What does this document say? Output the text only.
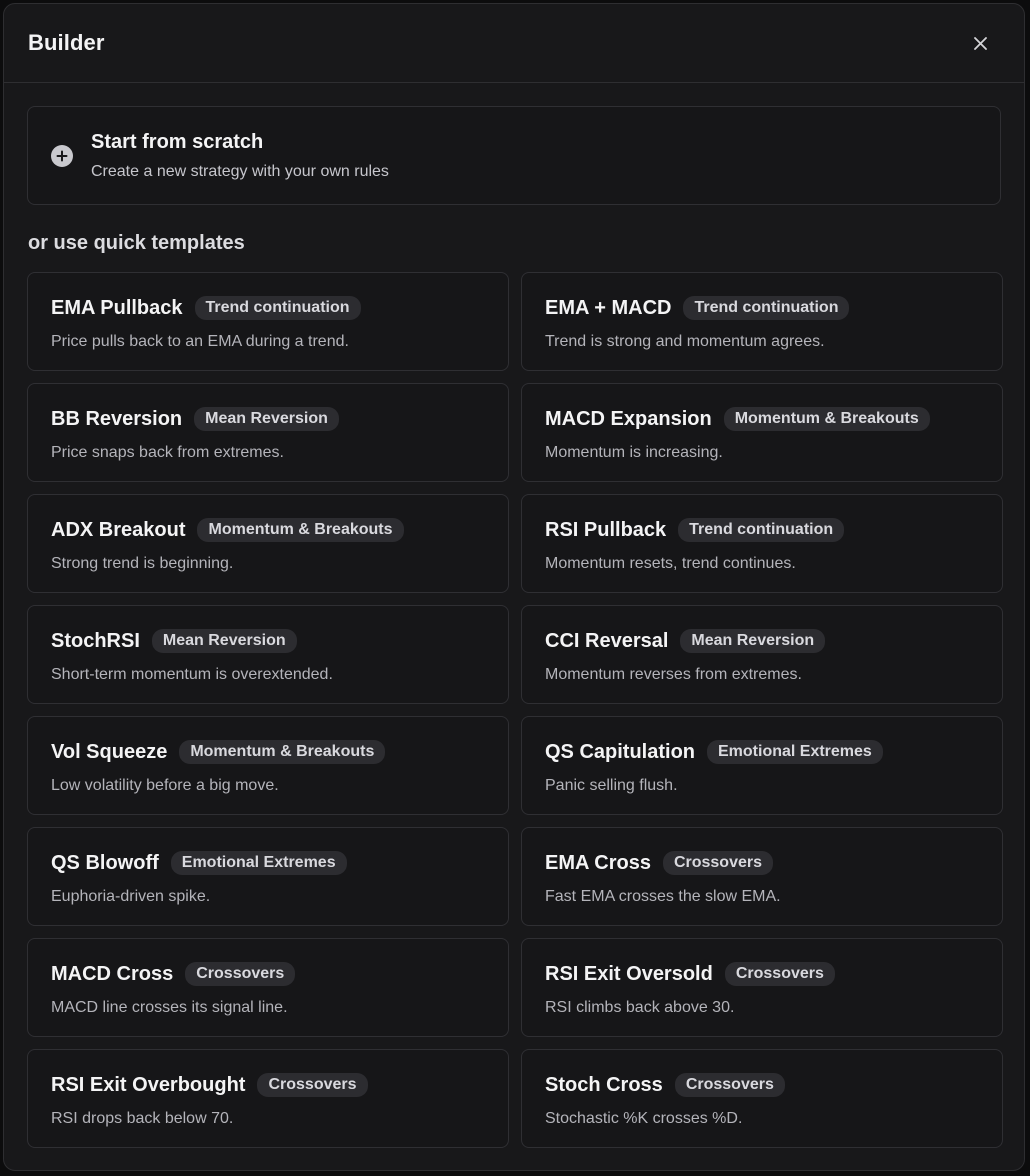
Builder
Start from scratch
Create a new strategy with your own rules
or use quick templates
EMA Pullback	Trend continuation
Price pulls back to an EMA during a trend.
EMA + MACD	Trend continuation
Trend is strong and momentum agrees.
BB Reversion	Mean Reversion
Price snaps back from extremes.
MACD Expansion	Momentum & Breakouts
Momentum is increasing.
ADX Breakout	Momentum & Breakouts
Strong trend is beginning.
RSI Pullback	Trend continuation
Momentum resets, trend continues.
StochRSI	Mean Reversion
Short-term momentum is overextended.
CCI Reversal	Mean Reversion
Momentum reverses from extremes.
Vol Squeeze	Momentum & Breakouts
Low volatility before a big move.
QS Capitulation	Emotional Extremes
Panic selling flush.
QS Blowoff	Emotional Extremes
Euphoria-driven spike.
EMA Cross	Crossovers
Fast EMA crosses the slow EMA.
MACD Cross	Crossovers
MACD line crosses its signal line.
RSI Exit Oversold	Crossovers
RSI climbs back above 30.
RSI Exit Overbought	Crossovers
RSI drops back below 70.
Stoch Cross	Crossovers
Stochastic %K crosses %D.
